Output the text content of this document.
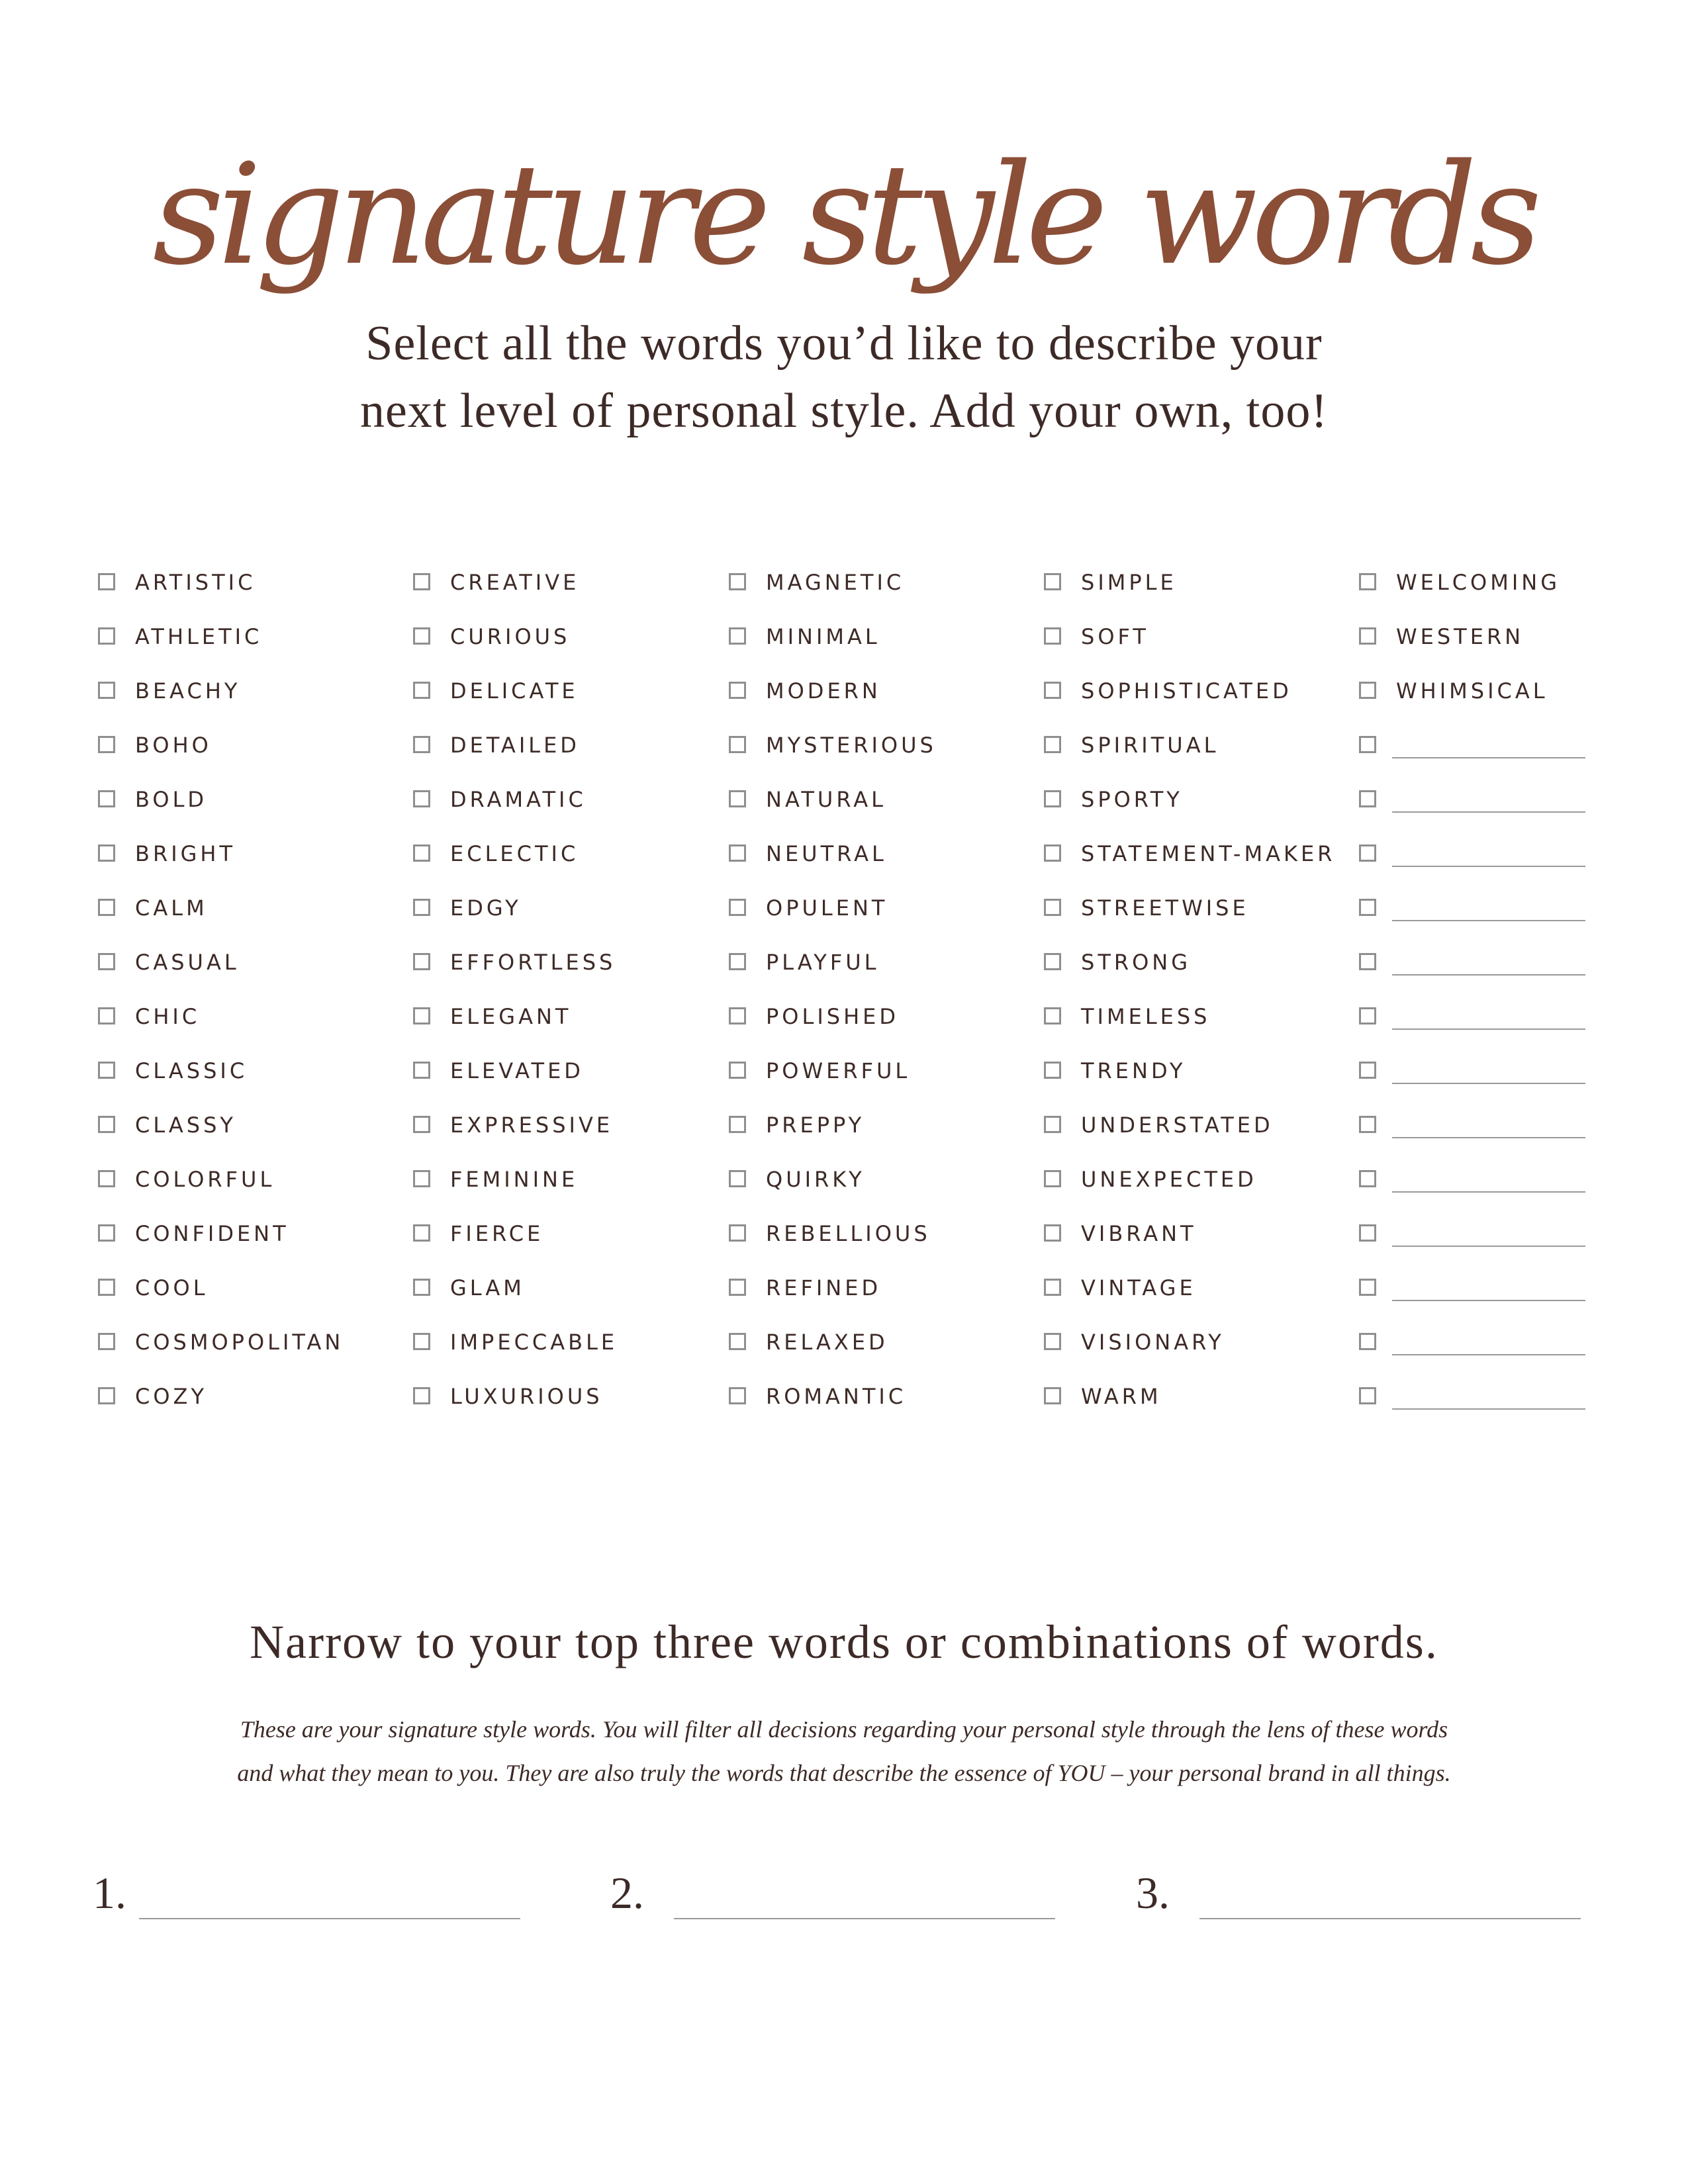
signature style words
Select all the words you’d like to describe your
next level of personal style. Add your own, too!
ARTISTIC
ATHLETIC
BEACHY
BOHO
BOLD
BRIGHT
CALM
CASUAL
CHIC
CLASSIC
CLASSY
COLORFUL
CONFIDENT
COOL
COSMOPOLITAN
COZY
CREATIVE
CURIOUS
DELICATE
DETAILED
DRAMATIC
ECLECTIC
EDGY
EFFORTLESS
ELEGANT
ELEVATED
EXPRESSIVE
FEMININE
FIERCE
GLAM
IMPECCABLE
LUXURIOUS
MAGNETIC
MINIMAL
MODERN
MYSTERIOUS
NATURAL
NEUTRAL
OPULENT
PLAYFUL
POLISHED
POWERFUL
PREPPY
QUIRKY
REBELLIOUS
REFINED
RELAXED
ROMANTIC
SIMPLE
SOFT
SOPHISTICATED
SPIRITUAL
SPORTY
STATEMENT-MAKER
STREETWISE
STRONG
TIMELESS
TRENDY
UNDERSTATED
UNEXPECTED
VIBRANT
VINTAGE
VISIONARY
WARM
WELCOMING
WESTERN
WHIMSICAL
Narrow to your top three words or combinations of words.
These are your signature style words. You will filter all decisions regarding your personal style through the lens of these words
and what they mean to you. They are also truly the words that describe the essence of YOU – your personal brand in all things.
1.	2.	3.
